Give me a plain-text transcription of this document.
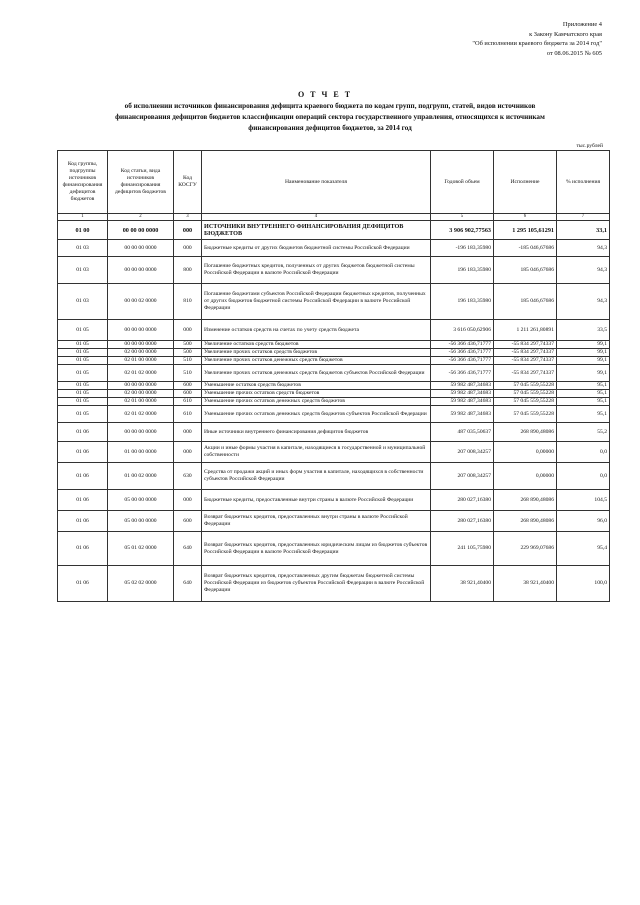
Приложение 4
к Закону Камчатского края
"Об исполнении краевого бюджета за 2014 год"
от 08.06.2015 № 605
О Т Ч Е Т
об исполнении источников финансирования дефицита краевого бюджета по кодам групп, подгрупп, статей, видов источников
финансирования дефицитов бюджетов классификации операций сектора государственного управления, относящихся к источникам
финансирования дефицитов бюджетов, за 2014 год
тыс.рублей
Код группы, подгруппы источников финансирования дефицитов бюджетов	Код статьи, вида источников финансирования дефицитов бюджетов	Код КОСГУ	Наименование показателя	Годовой объем	Исполнение	% исполнения
1	2	3	4	5	6	7
01 00	00 00 00 0000	000	ИСТОЧНИКИ ВНУТРЕННЕГО ФИНАНСИРОВАНИЯ ДЕФИЦИТОВ БЮДЖЕТОВ	3 906 902,77563	1 295 105,61291	33,1
01 03	00 00 00 0000	000	Бюджетные кредиты от других бюджетов бюджетной системы Российской Федерации	-196 183,35980	-185 046,67686	94,3
01 03	00 00 00 0000	800	Погашение бюджетных кредитов, полученных от других бюджетов бюджетной системы Российской Федерации в валюте Российской Федерации	196 183,35980	185 046,67686	94,3
01 03	00 00 02 0000	810	Погашение бюджетами субъектов Российской Федерации бюджетных кредитов, полученных от других бюджетов бюджетной системы Российской Федерации в валюте Российской Федерации	196 183,35980	185 046,67686	94,3
01 05	00 00 00 0000	000	Изменение остатков средств на счетах по учету средств бюджета	3 616 050,62906	1 211 261,80891	33,5
01 05	00 00 00 0000	500	Увеличение остатков средств бюджетов	-56 366 436,71777	-55 834 297,74337	99,1
01 05	02 00 00 0000	500	Увеличение прочих остатков средств бюджетов	-56 366 436,71777	-55 834 297,74337	99,1
01 05	02 01 00 0000	510	Увеличение прочих остатков денежных средств бюджетов	-56 366 436,71777	-55 834 297,74337	99,1
01 05	02 01 02 0000	510	Увеличение прочих остатков денежных средств бюджетов субъектов Российской Федерации	-56 366 436,71777	-55 834 297,74337	99,1
01 05	00 00 00 0000	600	Уменьшение остатков средств бюджетов	59 982 487,34683	57 045 559,55228	95,1
01 05	02 00 00 0000	600	Уменьшение прочих остатков средств бюджетов	59 982 487,34683	57 045 559,55228	95,1
01 05	02 01 00 0000	610	Уменьшение прочих остатков денежных средств бюджетов	59 982 487,34683	57 045 559,55228	95,1
01 05	02 01 02 0000	610	Уменьшение прочих остатков денежных средств бюджетов субъектов Российской Федерации	59 982 487,34683	57 045 559,55228	95,1
01 06	00 00 00 0000	000	Иные источники внутреннего финансирования дефицитов бюджетов	487 035,50637	268 890,48086	55,2
01 06	01 00 00 0000	000	Акции и иные формы участия в капитале, находящиеся в государственной и муниципальной собственности	207 008,34257	0,00000	0,0
01 06	01 00 02 0000	630	Средства от продажи акций и иных форм участия в капитале, находящихся в собственности субъектов Российской Федерации	207 008,34257	0,00000	0,0
01 06	05 00 00 0000	000	Бюджетные кредиты, предоставленные внутри страны в валюте Российской Федерации	280 027,16380	268 890,48086	104,5
01 06	05 00 00 0000	600	Возврат бюджетных кредитов, предоставленных внутри страны в валюте Российской Федерации	280 027,16380	268 890,48086	96,0
01 06	05 01 02 0000	640	Возврат бюджетных кредитов, предоставленных юридическим лицам из бюджетов субъектов Российской Федерации в валюте Российской Федерации	241 105,75980	229 969,07686	95,4
01 06	05 02 02 0000	640	Возврат бюджетных кредитов, предоставленных другим бюджетам бюджетной системы Российской Федерации из бюджетов субъектов Российской Федерации в валюте Российской Федерации	38 921,40400	38 921,40400	100,0
